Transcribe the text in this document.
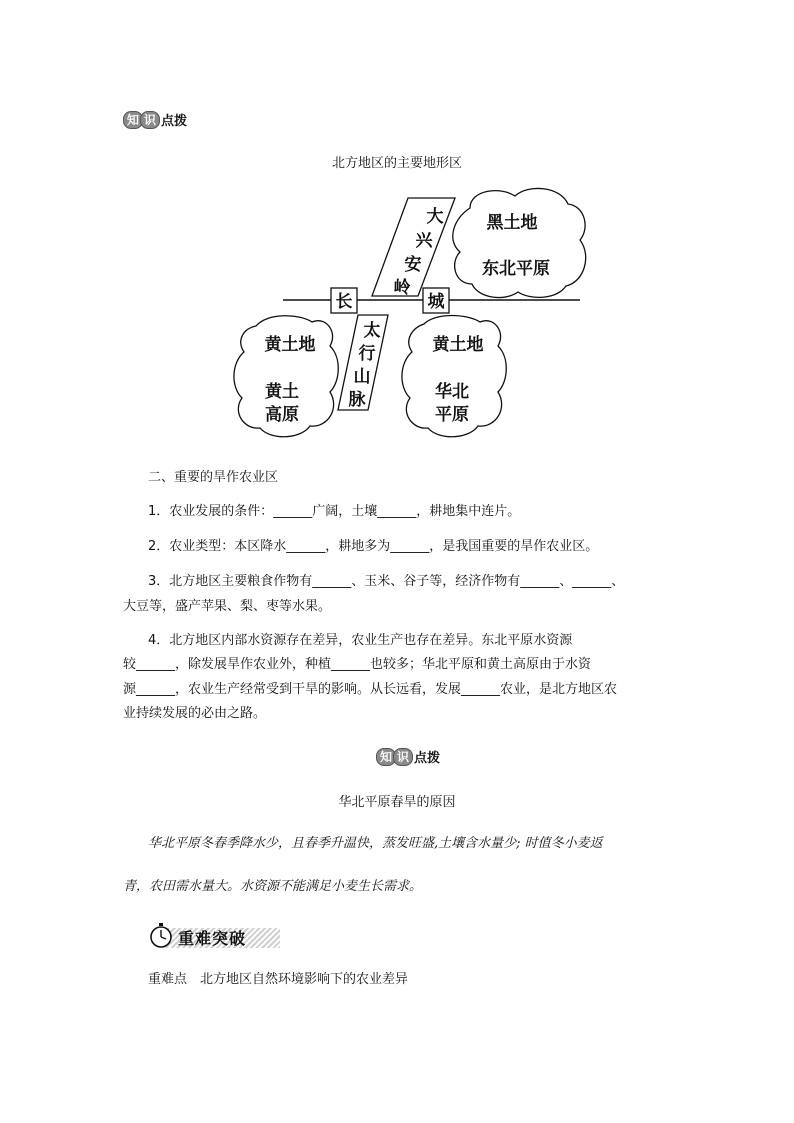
知 识 点拨
北方地区的主要地形区
长	城
大
兴
安
岭
太
行
山
脉
黑土地
东北平原
黄土地
黄土
高原
黄土地
华北
平原
二、重要的旱作农业区
1．农业发展的条件：______广阔，土壤______，耕地集中连片。
2．农业类型：本区降水______，耕地多为______，是我国重要的旱作农业区。
3．北方地区主要粮食作物有______、玉米、谷子等，经济作物有______、______、
大豆等，盛产苹果、梨、枣等水果。
4．北方地区内部水资源存在差异，农业生产也存在差异。东北平原水资源
较______，除发展旱作农业外，种植______也较多；华北平原和黄土高原由于水资
源______，农业生产经常受到干旱的影响。从长远看，发展______农业，是北方地区农
业持续发展的必由之路。
知 识 点拨
华北平原春旱的原因
华北平原冬春季降水少，且春季升温快，蒸发旺盛,土壤含水量少; 时值冬小麦返
青，农田需水量大。水资源不能满足小麦生长需求。
重难突破
重难点　北方地区自然环境影响下的农业差异
